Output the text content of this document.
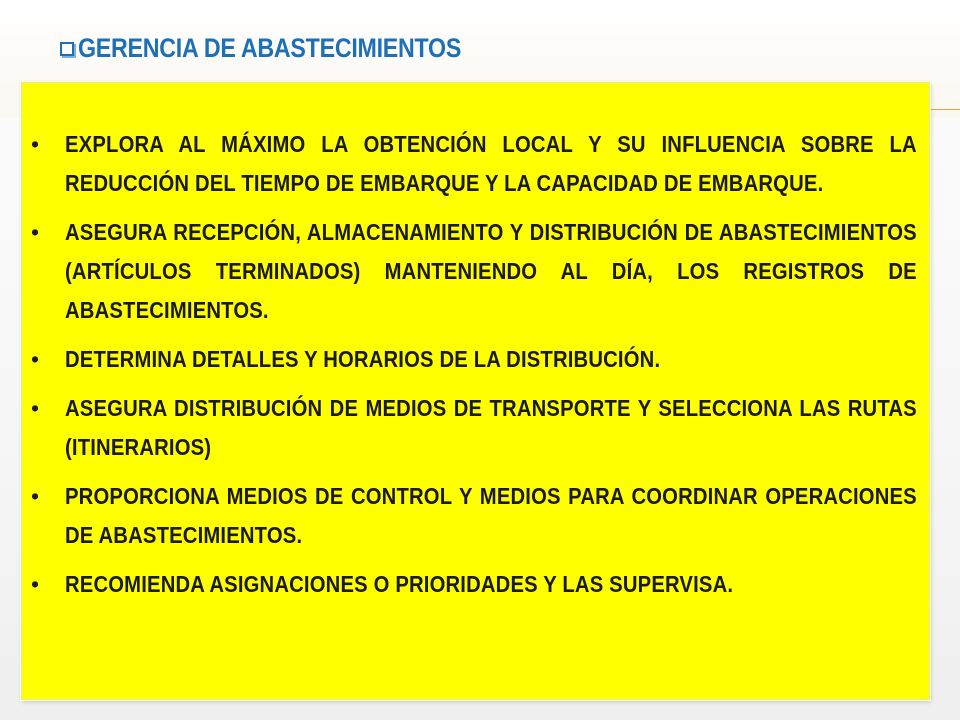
GERENCIA DE ABASTECIMIENTOS
• EXPLORA AL MÁXIMO LA OBTENCIÓN LOCAL Y SU INFLUENCIA SOBRE LA REDUCCIÓN DEL TIEMPO DE EMBARQUE Y LA CAPACIDAD DE EMBARQUE.
• ASEGURA RECEPCIÓN, ALMACENAMIENTO Y DISTRIBUCIÓN DE ABASTECIMIENTOS (ARTÍCULOS TERMINADOS) MANTENIENDO AL DÍA, LOS REGISTROS DE ABASTECIMIENTOS.
• DETERMINA DETALLES Y HORARIOS DE LA DISTRIBUCIÓN.
• ASEGURA DISTRIBUCIÓN DE MEDIOS DE TRANSPORTE Y SELECCIONA LAS RUTAS (ITINERARIOS)
• PROPORCIONA MEDIOS DE CONTROL Y MEDIOS PARA COORDINAR OPERACIONES DE ABASTECIMIENTOS.
• RECOMIENDA ASIGNACIONES O PRIORIDADES Y LAS SUPERVISA.
